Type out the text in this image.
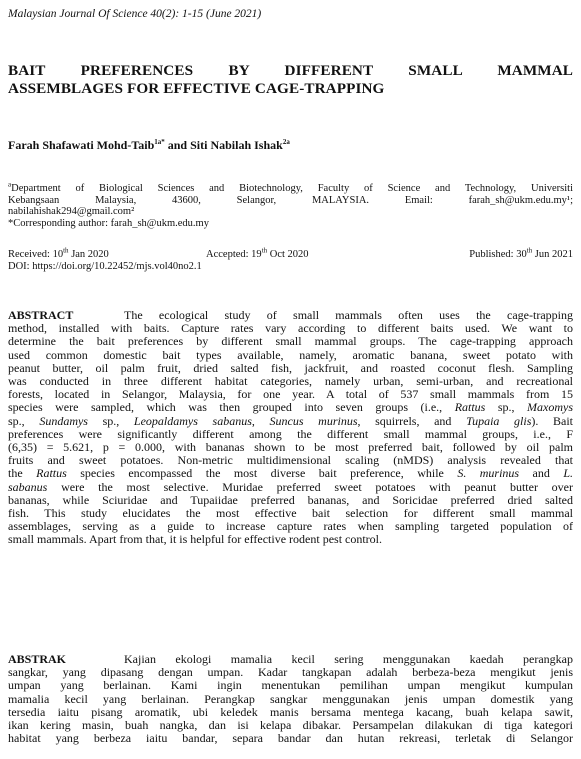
Malaysian Journal Of Science 40(2): 1-15 (June 2021)
BAIT PREFERENCES BY DIFFERENT SMALL MAMMAL
ASSEMBLAGES FOR EFFECTIVE CAGE-TRAPPING
Farah Shafawati Mohd-Taib$^{1a*}$ and Siti Nabilah Ishak$^{2a}$
$^a$Department of Biological Sciences and Biotechnology, Faculty of Science and Technology, Universiti
Kebangsaan Malaysia, 43600, Selangor, MALAYSIA. Email: farah_sh@ukm.edu.my¹;
nabilahishak294@gmail.com²
*Corresponding author: farah_sh@ukm.edu.my
Received: 10th Jan 2020	Accepted: 19th Oct 2020	Published: 30th Jun 2021
DOI: https://doi.org/10.22452/mjs.vol40no2.1
ABSTRACT	The ecological study of small mammals often uses the cage-trapping
method, installed with baits. Capture rates vary according to different baits used. We want to
determine the bait preferences by different small mammal groups. The cage-trapping approach
used common domestic bait types available, namely, aromatic banana, sweet potato with
peanut butter, oil palm fruit, dried salted fish, jackfruit, and roasted coconut flesh. Sampling
was conducted in three different habitat categories, namely urban, semi-urban, and recreational
forests, located in Selangor, Malaysia, for one year. A total of 537 small mammals from 15
species were sampled, which was then grouped into seven groups (i.e., Rattus sp., Maxomys
sp., Sundamys sp., Leopaldamys sabanus, Suncus murinus, squirrels, and Tupaia glis). Bait
preferences were significantly different among the different small mammal groups, i.e., F
(6,35) = 5.621, p = 0.000, with bananas shown to be most preferred bait, followed by oil palm
fruits and sweet potatoes. Non-metric multidimensional scaling (nMDS) analysis revealed that
the Rattus species encompassed the most diverse bait preference, while S. murinus and L.
sabanus were the most selective. Muridae preferred sweet potatoes with peanut butter over
bananas, while Sciuridae and Tupaiidae preferred bananas, and Soricidae preferred dried salted
fish. This study elucidates the most effective bait selection for different small mammal
assemblages, serving as a guide to increase capture rates when sampling targeted population of
small mammals. Apart from that, it is helpful for effective rodent pest control.
ABSTRAK	Kajian ekologi mamalia kecil sering menggunakan kaedah perangkap
sangkar, yang dipasang dengan umpan. Kadar tangkapan adalah berbeza-beza mengikut jenis
umpan yang berlainan. Kami ingin menentukan pemilihan umpan mengikut kumpulan
mamalia kecil yang berlainan. Perangkap sangkar menggunakan jenis umpan domestik yang
tersedia iaitu pisang aromatik, ubi keledek manis bersama mentega kacang, buah kelapa sawit,
ikan kering masin, buah nangka, dan isi kelapa dibakar. Persampelan dilakukan di tiga kategori
habitat yang berbeza iaitu bandar, separa bandar dan hutan rekreasi, terletak di Selangor
